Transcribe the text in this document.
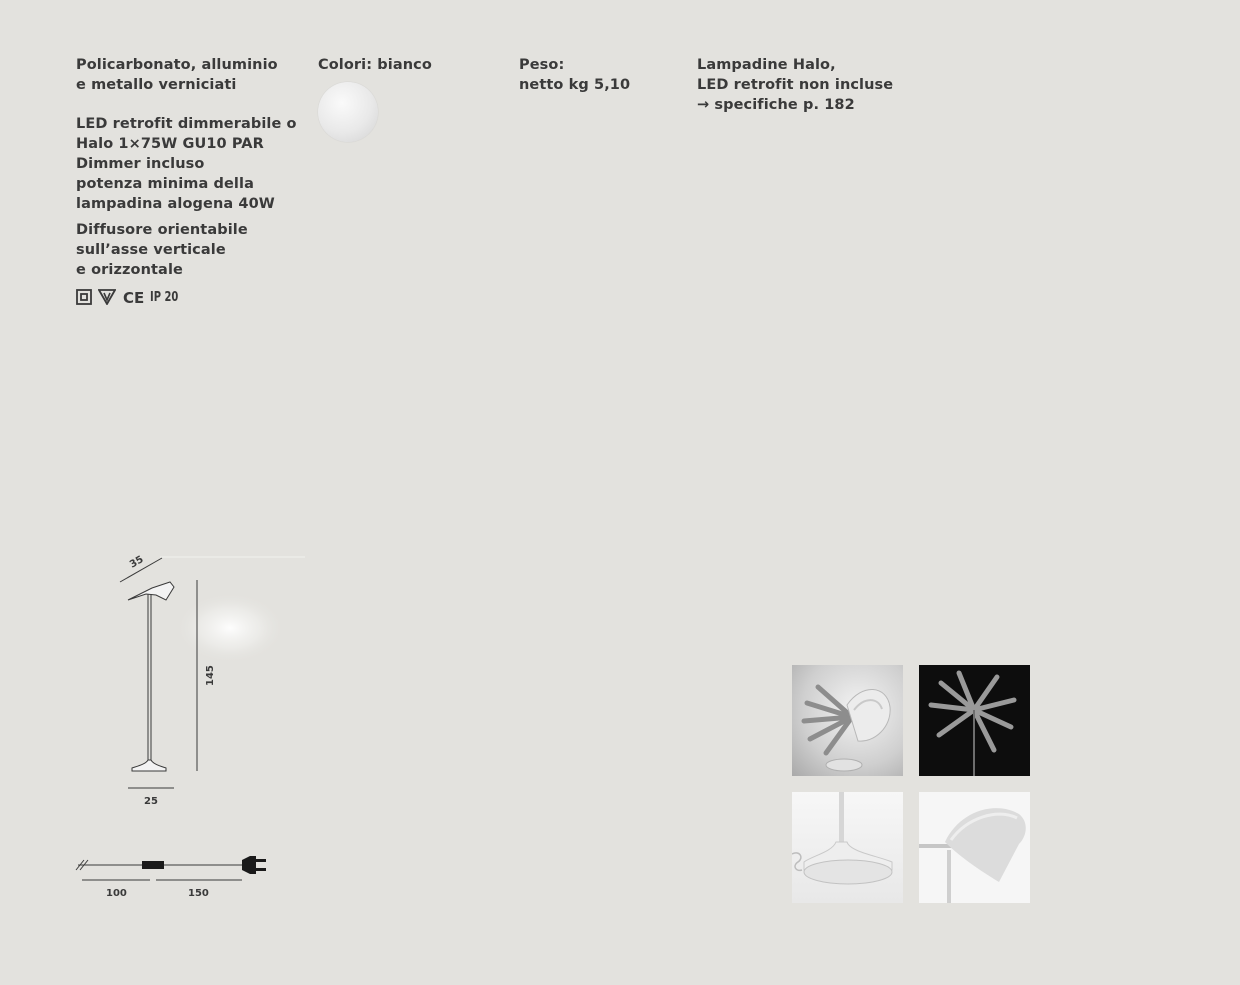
Policarbonato, alluminio
e metallo verniciati
Colori: bianco	Peso:
netto kg 5,10
Lampadine Halo,
LED retrofit non incluse
→ specifiche p. 182
LED retrofit dimmerabile o
Halo 1×75W GU10 PAR
Dimmer incluso
potenza minima della
lampadina alogena 40W
Diffusore orientabile
sull’asse verticale
e orizzontale
CE IP 20
35
145
25
100	150
